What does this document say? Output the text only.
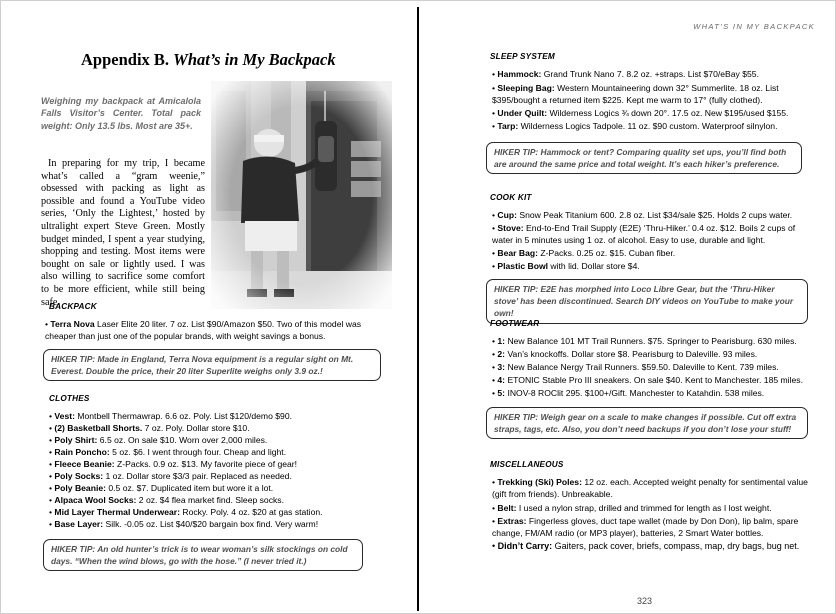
Appendix B. What’s in My Backpack
Weighing my backpack at Amicalola Falls Visitor’s Center. Total pack weight: Only 13.5 lbs. Most are 35+.
In preparing for my trip, I became what’s called a “gram weenie,” obsessed with packing as light as possible and found a YouTube video series, ‘Only the Lightest,’ hosted by ultralight expert Steve Green. Mostly budget minded, I spent a year studying, shopping and testing. Most items were bought on sale or lightly used. I was also willing to sacrifice some comfort to be more efficient, while still being safe.
BACKPACK
• Terra Nova Laser Elite 20 liter. 7 oz. List $90/Amazon $50. Two of this model was cheaper than just one of the popular brands, with weight savings a bonus.
HIKER TIP: Made in England, Terra Nova equipment is a regular sight on Mt. Everest. Double the price, their 20 liter Superlite weighs only 3.9 oz.!
CLOTHES
• Vest: Montbell Thermawrap. 6.6 oz. Poly. List $120/demo $90.
• (2) Basketball Shorts. 7 oz. Poly. Dollar store $10.
• Poly Shirt: 6.5 oz. On sale $10. Worn over 2,000 miles.
• Rain Poncho: 5 oz. $6. I went through four. Cheap and light.
• Fleece Beanie: Z-Packs. 0.9 oz. $13. My favorite piece of gear!
• Poly Socks: 1 oz. Dollar store $3/3 pair. Replaced as needed.
• Poly Beanie: 0.5 oz. $7. Duplicated item but wore it a lot.
• Alpaca Wool Socks: 2 oz. $4 flea market find. Sleep socks.
• Mid Layer Thermal Underwear: Rocky. Poly. 4 oz. $20 at gas station.
• Base Layer: Silk. -0.05 oz. List $40/$20 bargain box find. Very warm!
HIKER TIP: An old hunter’s trick is to wear woman’s silk stockings on cold days. “When the wind blows, go with the hose.” (I never tried it.)
WHAT’S IN MY BACKPACK
SLEEP SYSTEM
• Hammock: Grand Trunk Nano 7. 8.2 oz. +straps. List $70/eBay $55.
• Sleeping Bag: Western Mountaineering down 32° Summerlite. 18 oz. List $395/bought a returned item $225. Kept me warm to 17° (fully clothed).
• Under Quilt: Wilderness Logics ¾ down 20°. 17.5 oz. New $195/used $155.
• Tarp: Wilderness Logics Tadpole. 11 oz. $90 custom. Waterproof silnylon.
HIKER TIP: Hammock or tent? Comparing quality set ups, you’ll find both are around the same price and total weight. It’s each hiker’s preference.
COOK KIT
• Cup: Snow Peak Titanium 600. 2.8 oz. List $34/sale $25. Holds 2 cups water.
• Stove: End-to-End Trail Supply (E2E) ‘Thru-Hiker.’ 0.4 oz. $12. Boils 2 cups of water in 5 minutes using 1 oz. of alcohol. Easy to use, durable and light.
• Bear Bag: Z-Packs. 0.25 oz. $15. Cuban fiber.
• Plastic Bowl with lid. Dollar store $4.
HIKER TIP: E2E has morphed into Loco Libre Gear, but the ‘Thru-Hiker stove’ has been discontinued. Search DIY videos on YouTube to make your own!
FOOTWEAR
• 1: New Balance 101 MT Trail Runners. $75. Springer to Pearisburg. 630 miles.
• 2: Van’s knockoffs. Dollar store $8. Pearisburg to Daleville. 93 miles.
• 3: New Balance Nergy Trail Runners. $59.50. Daleville to Kent. 739 miles.
• 4: ETONIC Stable Pro III sneakers. On sale $40. Kent to Manchester. 185 miles.
• 5: INOV-8 ROClit 295. $100+/Gift. Manchester to Katahdin. 538 miles.
HIKER TIP: Weigh gear on a scale to make changes if possible. Cut off extra straps, tags, etc. Also, you don’t need backups if you don’t lose your stuff!
MISCELLANEOUS
• Trekking (Ski) Poles: 12 oz. each. Accepted weight penalty for sentimental value (gift from friends). Unbreakable.
• Belt: I used a nylon strap, drilled and trimmed for length as I lost weight.
• Extras: Fingerless gloves, duct tape wallet (made by Don Don), lip balm, spare change, FM/AM radio (or MP3 player), batteries, 2 Smart Water bottles.
• Didn’t Carry: Gaiters, pack cover, briefs, compass, map, dry bags, bug net.
323
